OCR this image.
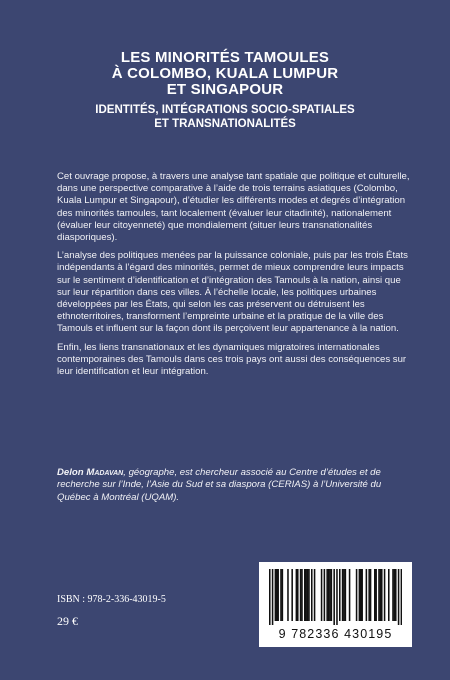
LES MINORITÉS TAMOULES
À COLOMBO, KUALA LUMPUR
ET SINGAPOUR
IDENTITÉS, INTÉGRATIONS SOCIO-SPATIALES
ET TRANSNATIONALITÉS

Cet ouvrage propose, à travers une analyse tant spatiale que politique et culturelle, dans une perspective comparative à l’aide de trois terrains asiatiques (Colombo, Kuala Lumpur et Singapour), d’étudier les différents modes et degrés d’intégration des minorités tamoules, tant localement (évaluer leur citadinité), nationalement (évaluer leur citoyenneté) que mondialement (situer leurs transnationalités diasporiques).

L’analyse des politiques menées par la puissance coloniale, puis par les trois États indépendants à l’égard des minorités, permet de mieux comprendre leurs impacts sur le sentiment d’identification et d’intégration des Tamouls à la nation, ainsi que sur leur répartition dans ces villes. À l’échelle locale, les politiques urbaines développées par les États, qui selon les cas préservent ou détruisent les ethnoterritoires, transforment l’empreinte urbaine et la pratique de la ville des Tamouls et influent sur la façon dont ils perçoivent leur appartenance à la nation.

Enfin, les liens transnationaux et les dynamiques migratoires internationales contemporaines des Tamouls dans ces trois pays ont aussi des conséquences sur leur identification et leur intégration.

Delon Madavan, géographe, est chercheur associé au Centre d’études et de recherche sur l’Inde, l’Asie du Sud et sa diaspora (CERIAS) à l’Université du Québec à Montréal (UQAM).
ISBN : 978-2-336-43019-5
29 €
9 782336 430195
